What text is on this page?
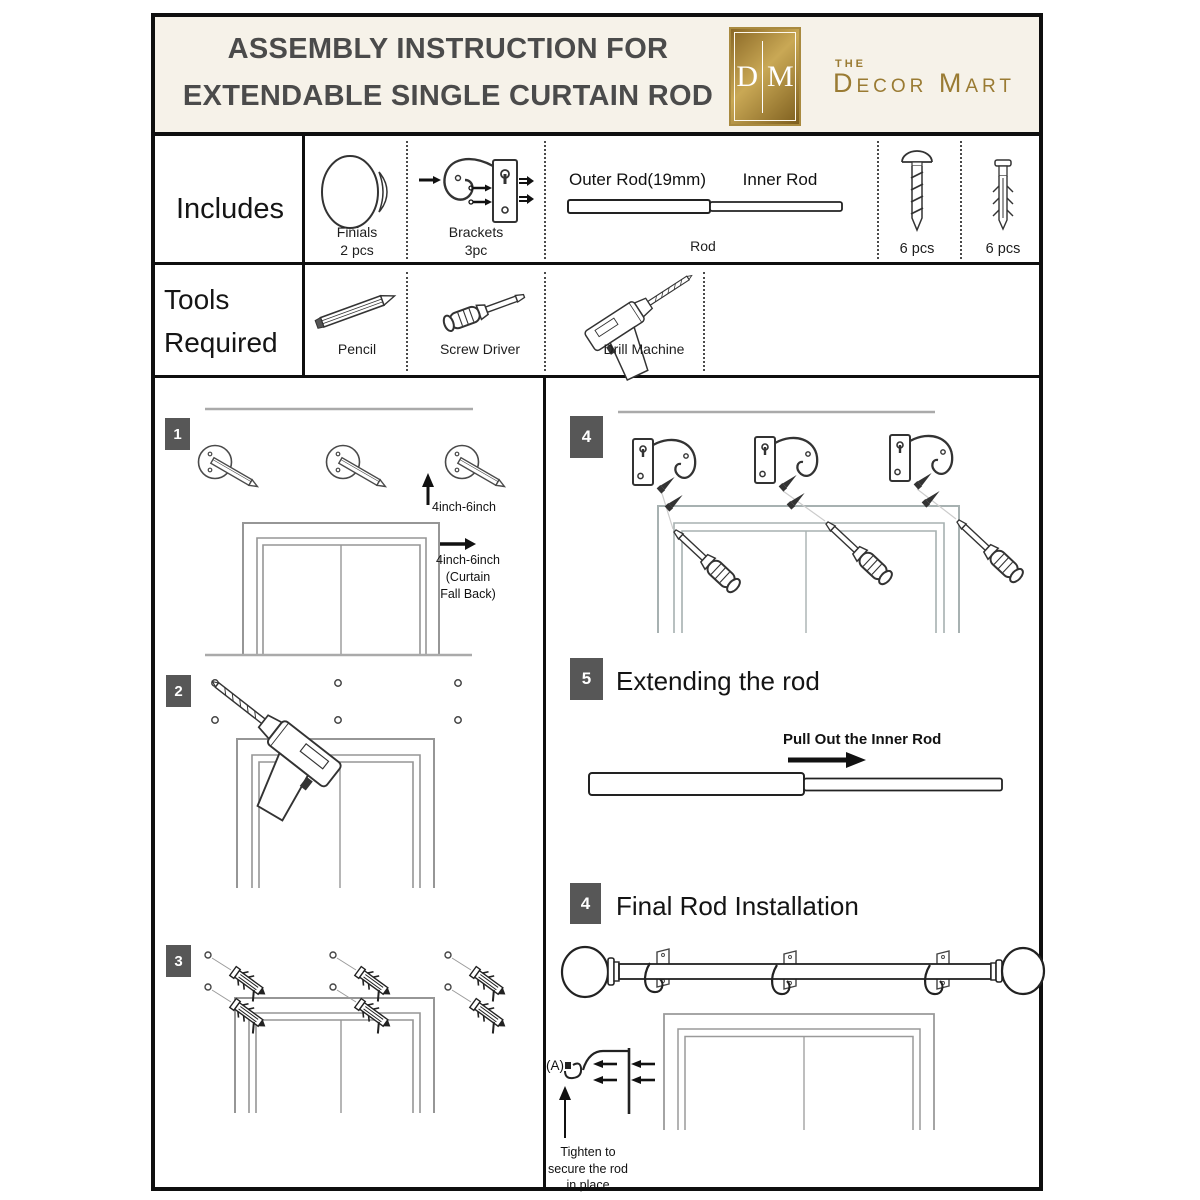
ASSEMBLY INSTRUCTION FOR
EXTENDABLE SINGLE CURTAIN ROD
D M	THE
Decor Mart
Includes
Finials
2 pcs
Brackets
3pc
Outer Rod(19mm)	Inner Rod
Rod	6 pcs	6 pcs
Tools
Required	Pencil	Screw Driver	Drill Machine
1
4inch-6inch
4inch-6inch
(Curtain
Fall Back)
2
3
4
5 Extending the rod
Pull Out the Inner Rod
4 Final Rod Installation
(A)
Tighten to
secure the rod
in place
